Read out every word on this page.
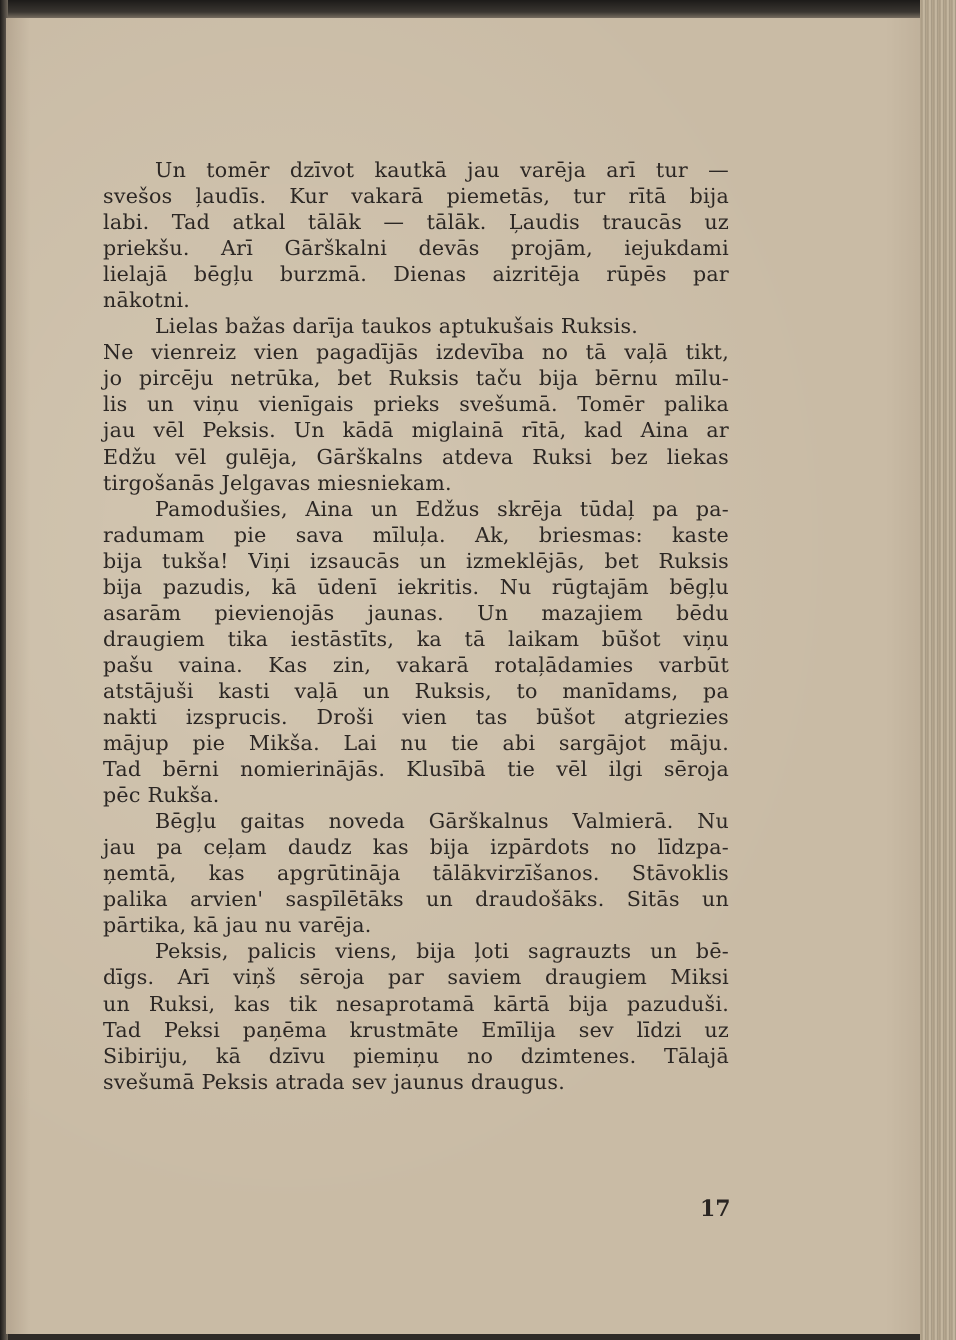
Un tomēr dzīvot kautkā jau varēja arī tur —
svešos ļaudīs. Kur vakarā piemetās, tur rītā bija
labi. Tad atkal tālāk — tālāk. Ļaudis traucās uz
priekšu. Arī Gārškalni devās projām, iejukdami
lielajā bēgļu burzmā. Dienas aizritēja rūpēs par
nākotni.
Lielas bažas darīja taukos aptukušais Ruksis.
Ne vienreiz vien pagadījās izdevība no tā vaļā tikt,
jo pircēju netrūka, bet Ruksis taču bija bērnu mīlu-
lis un viņu vienīgais prieks svešumā. Tomēr palika
jau vēl Peksis. Un kādā miglainā rītā, kad Aina ar
Edžu vēl gulēja, Gārškalns atdeva Ruksi bez liekas
tirgošanās Jelgavas miesniekam.
Pamodušies, Aina un Edžus skrēja tūdaļ pa pa-
radumam pie sava mīluļa. Ak, briesmas: kaste
bija tukša! Viņi izsaucās un izmeklējās, bet Ruksis
bija pazudis, kā ūdenī iekritis. Nu rūgtajām bēgļu
asarām pievienojās jaunas. Un mazajiem bēdu
draugiem tika iestāstīts, ka tā laikam būšot viņu
pašu vaina. Kas zin, vakarā rotaļādamies varbūt
atstājuši kasti vaļā un Ruksis, to manīdams, pa
nakti izsprucis. Droši vien tas būšot atgriezies
mājup pie Mikša. Lai nu tie abi sargājot māju.
Tad bērni nomierinājās. Klusībā tie vēl ilgi sēroja
pēc Rukša.
Bēgļu gaitas noveda Gārškalnus Valmierā. Nu
jau pa ceļam daudz kas bija izpārdots no līdzpa-
ņemtā, kas apgrūtināja tālākvirzīšanos. Stāvoklis
palika arvien' saspīlētāks un draudošāks. Sitās un
pārtika, kā jau nu varēja.
Peksis, palicis viens, bija ļoti sagrauzts un bē-
dīgs. Arī viņš sēroja par saviem draugiem Miksi
un Ruksi, kas tik nesaprotamā kārtā bija pazuduši.
Tad Peksi paņēma krustmāte Emīlija sev līdzi uz
Sibiriju, kā dzīvu piemiņu no dzimtenes. Tālajā
svešumā Peksis atrada sev jaunus draugus.
17
